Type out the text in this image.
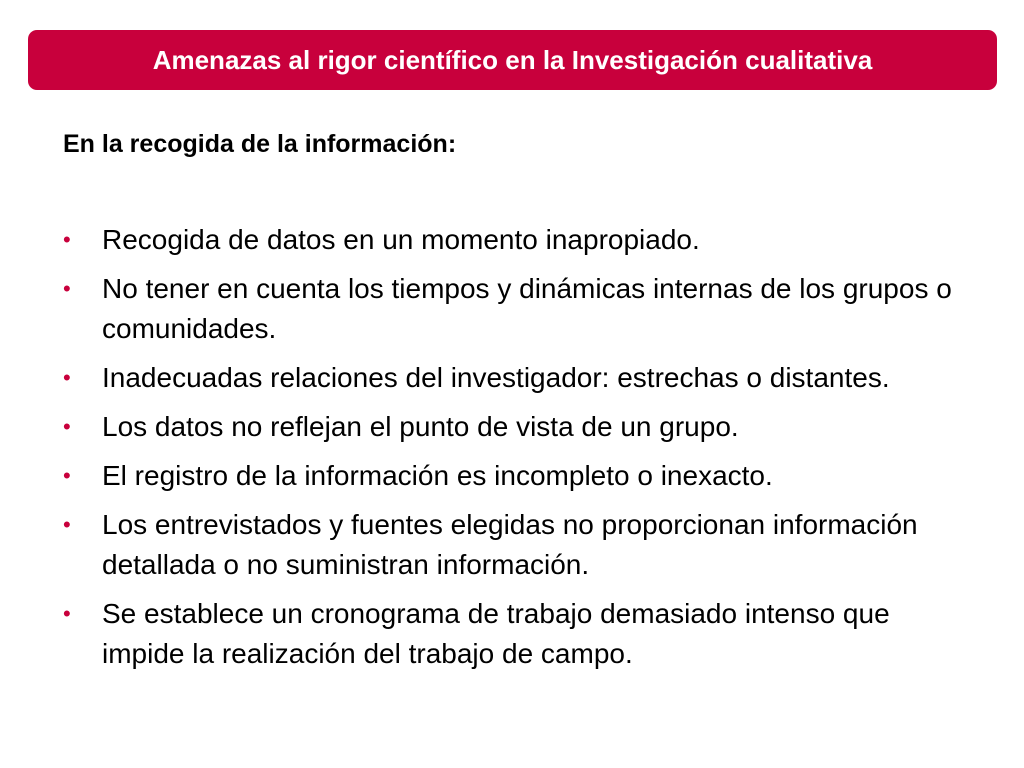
Amenazas al rigor científico en la Investigación cualitativa
En la recogida de la información:
• Recogida de datos en un momento inapropiado.
• No tener en cuenta los tiempos y dinámicas internas de los grupos o comunidades.
• Inadecuadas relaciones del investigador: estrechas o distantes.
• Los datos no reflejan el punto de vista de un grupo.
• El registro de la información es incompleto o inexacto.
• Los entrevistados y fuentes elegidas no proporcionan información detallada o no suministran información.
• Se establece un cronograma de trabajo demasiado intenso que impide la realización del trabajo de campo.
